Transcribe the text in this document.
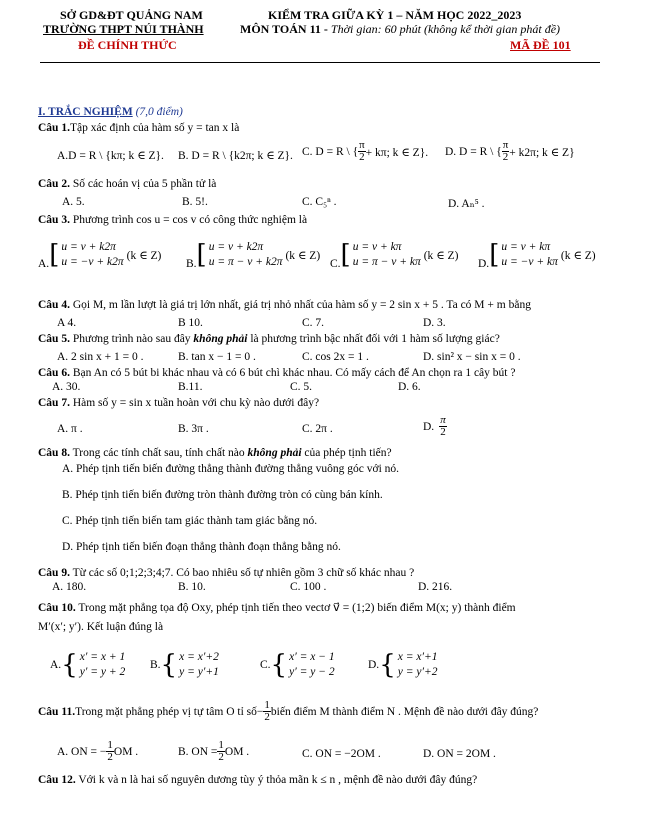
SỞ GD&ĐT QUẢNG NAM
TRƯỜNG THPT NÚI THÀNH
ĐỀ CHÍNH THỨC
KIỂM TRA GIỮA KỲ 1 – NĂM HỌC 2022_2023
MÔN TOÁN 11 - Thời gian: 60 phút (không kể thời gian phát đề)
MÃ ĐỀ 101
I. TRẮC NGHIỆM (7,0 điểm)
Câu 1.Tập xác định của hàm số y = tan x là
A.D = R \ {kπ; k ∈ Z}. B. D = R \ {k2π; k ∈ Z}. C. D = R \ { $\frac{\pi}{2} + k\pi$; k ∈ Z}. D. D = R \ { $\frac{\pi}{2} + k2\pi$; k ∈ Z}
Câu 2. Số các hoán vị của 5 phần tử là
A. 5.	B. 5!.	C. C₅ⁿ .	D. Aₙ⁵ .
Câu 3. Phương trình cos u = cos v có công thức nghiệm là
A. [ u = v + k2π
u = −v + k2π (k ∈ Z)
B. [ u = v + k2π
u = π − v + k2π (k ∈ Z)
C. [ u = v + kπ
u = π − v + kπ (k ∈ Z)
D. [ u = v + kπ
u = −v + kπ (k ∈ Z)
Câu 4. Gọi M, m lần lượt là giá trị lớn nhất, giá trị nhỏ nhất của hàm số y = 2 sin x + 5 . Ta có M + m bằng
A 4.	B 10.	C. 7.	D. 3.
Câu 5. Phương trình nào sau đây không phải là phương trình bậc nhất đối với 1 hàm số lượng giác?
A. 2 sin x + 1 = 0 .	B. tan x − 1 = 0 .	C. cos 2x = 1 .	D. sin² x − sin x = 0 .
Câu 6. Bạn An có 5 bút bi khác nhau và có 6 bút chì khác nhau. Có mấy cách để An chọn ra 1 cây bút ?
A. 30.	B.11.	C. 5.	D. 6.
Câu 7. Hàm số y = sin x tuần hoàn với chu kỳ nào dưới đây?
A. π .	B. 3π .	C. 2π .	D. $\frac{\pi}{2}$
Câu 8. Trong các tính chất sau, tính chất nào không phải của phép tịnh tiến?
A. Phép tịnh tiến biến đường thẳng thành đường thẳng vuông góc với nó.
B. Phép tịnh tiến biến đường tròn thành đường tròn có cùng bán kính.
C. Phép tịnh tiến biến tam giác thành tam giác bằng nó.
D. Phép tịnh tiến biến đoạn thẳng thành đoạn thẳng bằng nó.
Câu 9. Từ các số 0;1;2;3;4;7. Có bao nhiêu số tự nhiên gồm 3 chữ số khác nhau ?
A. 180.	B. 10.	C. 100 .	D. 216.
Câu 10. Trong mặt phẳng tọa độ Oxy, phép tịnh tiến theo vectơ v⃗ = (1;2) biến điểm M(x; y) thành điểm
M′(x′; y′). Kết luận đúng là
A. { x′ = x + 1
y′ = y + 2
B. { x = x′+2
y = y′+1
C. { x′ = x − 1
y′ = y − 2
D. { x = x′+1
y = y′+2
Câu 11. Trong mặt phẳng phép vị tự tâm O tỉ số − $\frac{1}{2}$ biến điểm M thành điểm N . Mệnh đề nào dưới đây đúng?
A. ON = − $\frac{1}{2}$ OM .	B. ON = $\frac{1}{2}$ OM .	C. ON = −2OM .	D. ON = 2OM .
Câu 12. Với k và n là hai số nguyên dương tùy ý thỏa mãn k ≤ n , mệnh đề nào dưới đây đúng?
